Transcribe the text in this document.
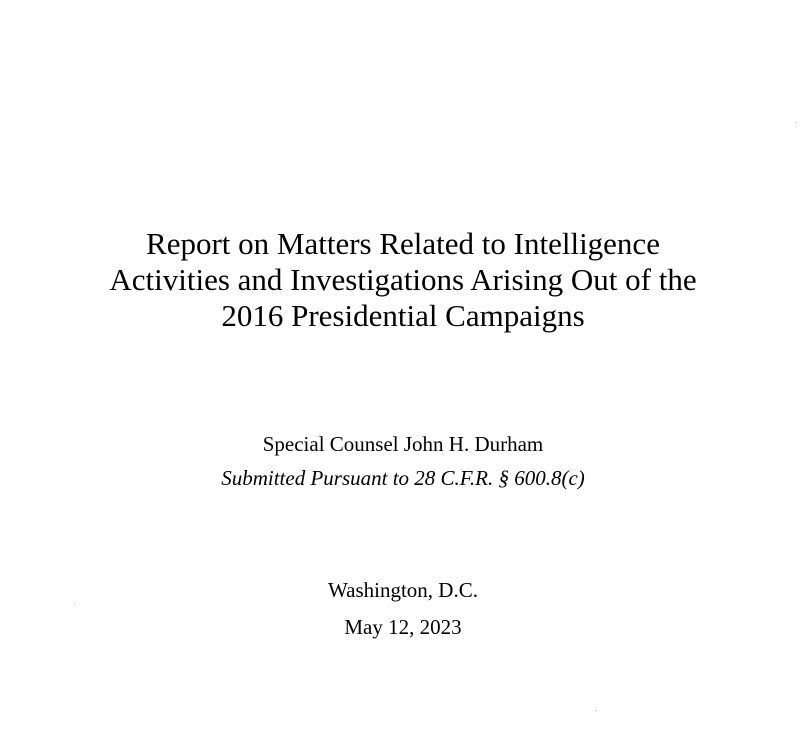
Report on Matters Related to Intelligence
Activities and Investigations Arising Out of the
2016 Presidential Campaigns
Special Counsel John H. Durham
Submitted Pursuant to 28 C.F.R. § 600.8(c)
Washington, D.C.
May 12, 2023
